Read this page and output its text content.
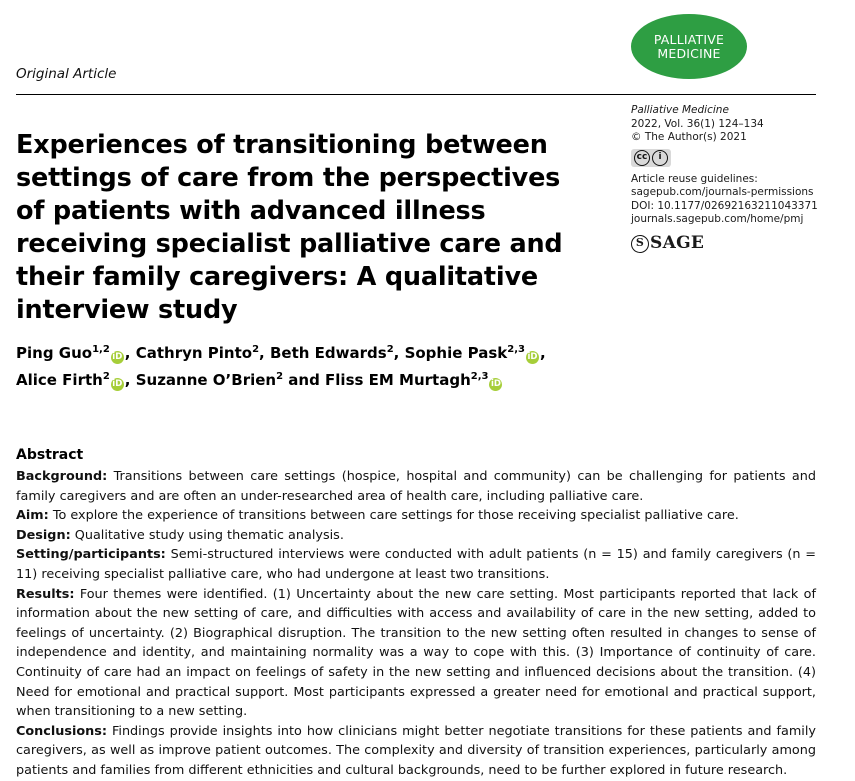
PALLIATIVE
MEDICINE
Original Article
Experiences of transitioning between settings of care from the perspectives of patients with advanced illness receiving specialist palliative care and their family caregivers: A qualitative interview study
Ping Guo$^{1,2}$iD , Cathryn Pinto$^2$, Beth Edwards$^2$, Sophie Pask$^{2,3}$iD ,
Alice Firth$^2$iD , Suzanne O’Brien$^2$ and Fliss EM Murtagh$^{2,3}$iD
Palliative Medicine
2022, Vol. 36(1) 124–134
© The Author(s) 2021
cc	i
Article reuse guidelines:
sagepub.com/journals-permissions
DOI: 10.1177/02692163211043371
journals.sagepub.com/home/pmj
S SAGE
Abstract

Background: Transitions between care settings (hospice, hospital and community) can be challenging for patients and family caregivers and are often an under-researched area of health care, including palliative care.

Aim: To explore the experience of transitions between care settings for those receiving specialist palliative care.

Design: Qualitative study using thematic analysis.

Setting/participants: Semi-structured interviews were conducted with adult patients (n = 15) and family caregivers (n = 11) receiving specialist palliative care, who had undergone at least two transitions.

Results: Four themes were identified. (1) Uncertainty about the new care setting. Most participants reported that lack of information about the new setting of care, and difficulties with access and availability of care in the new setting, added to feelings of uncertainty. (2) Biographical disruption. The transition to the new setting often resulted in changes to sense of independence and identity, and maintaining normality was a way to cope with this. (3) Importance of continuity of care. Continuity of care had an impact on feelings of safety in the new setting and influenced decisions about the transition. (4) Need for emotional and practical support. Most participants expressed a greater need for emotional and practical support, when transitioning to a new setting.

Conclusions: Findings provide insights into how clinicians might better negotiate transitions for these patients and family caregivers, as well as improve patient outcomes. The complexity and diversity of transition experiences, particularly among patients and families from different ethnicities and cultural backgrounds, need to be further explored in future research.
